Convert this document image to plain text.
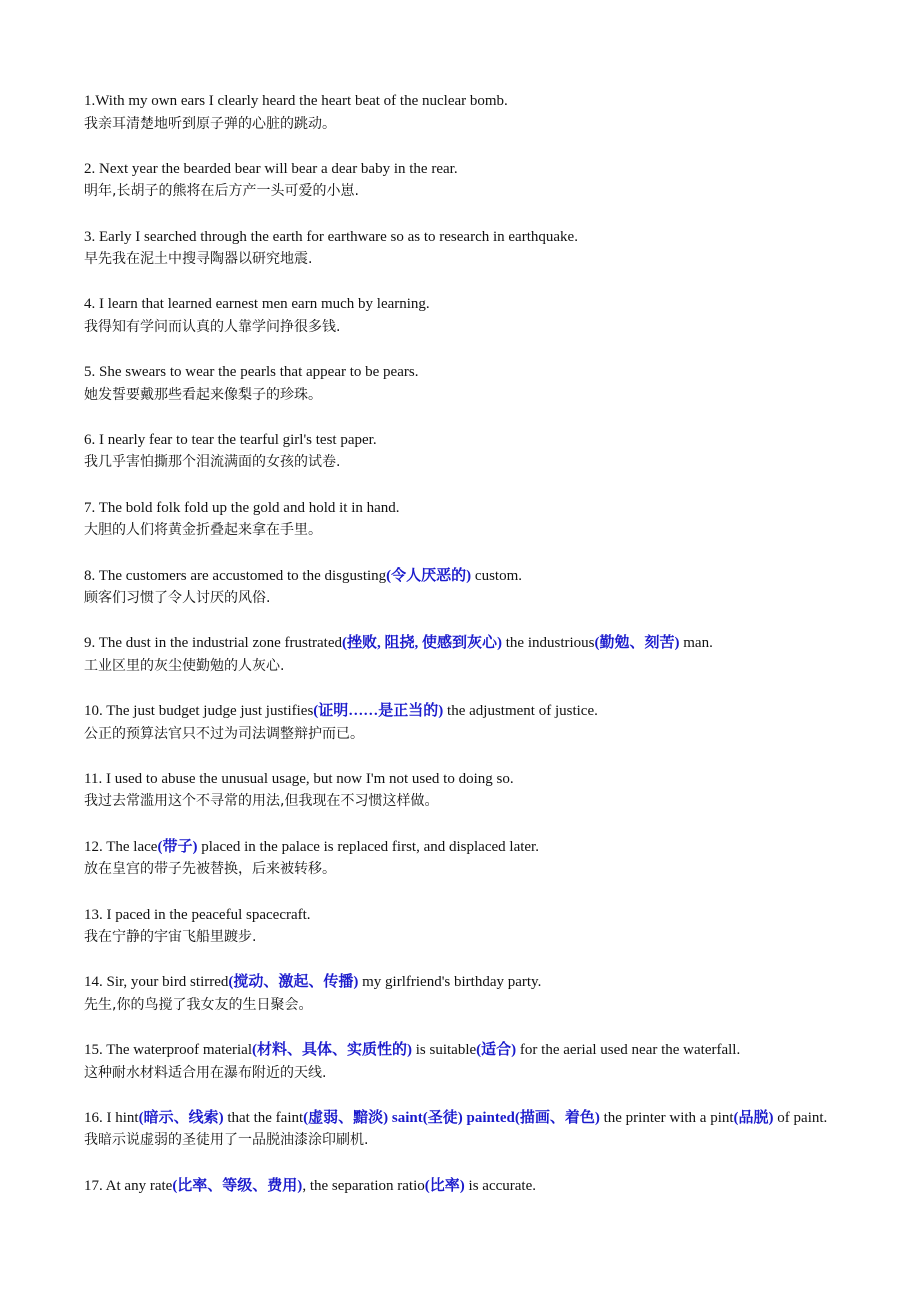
1.With my own ears I clearly heard the heart beat of the nuclear bomb.
我亲耳清楚地听到原子弹的心脏的跳动。
2. Next year the bearded bear will bear a dear baby in the rear.
明年,长胡子的熊将在后方产一头可爱的小崽.
3. Early I searched through the earth for earthware so as to research in earthquake.
早先我在泥土中搜寻陶器以研究地震.
4. I learn that learned earnest men earn much by learning.
我得知有学问而认真的人靠学问挣很多钱.
5. She swears to wear the pearls that appear to be pears.
她发誓要戴那些看起来像梨子的珍珠。
6. I nearly fear to tear the tearful girl's test paper.
我几乎害怕撕那个泪流满面的女孩的试卷.
7. The bold folk fold up the gold and hold it in hand.
大胆的人们将黄金折叠起来拿在手里。
8. The customers are accustomed to the disgusting(令人厌恶的) custom.
顾客们习惯了令人讨厌的风俗.
9. The dust in the industrial zone frustrated(挫败, 阻挠, 使感到灰心) the industrious(勤勉、刻苦) man.
工业区里的灰尘使勤勉的人灰心.
10. The just budget judge just justifies(证明……是正当的) the adjustment of justice.
公正的预算法官只不过为司法调整辩护而已。
11. I used to abuse the unusual usage, but now I'm not used to doing so.
我过去常滥用这个不寻常的用法,但我现在不习惯这样做。
12. The lace(带子) placed in the palace is replaced first, and displaced later.
放在皇宫的带子先被替换，后来被转移。
13. I paced in the peaceful spacecraft.
我在宁静的宇宙飞船里踱步.
14. Sir, your bird stirred(搅动、激起、传播) my girlfriend's birthday party.
先生,你的鸟搅了我女友的生日聚会。
15. The waterproof material(材料、具体、实质性的) is suitable(适合) for the aerial used near the waterfall.
这种耐水材料适合用在瀑布附近的天线.
16. I hint(暗示、线索) that the faint(虚弱、黯淡) saint(圣徒) painted(描画、着色) the printer with a pint(品脱) of paint.
我暗示说虚弱的圣徒用了一品脱油漆涂印刷机.
17. At any rate(比率、等级、费用), the separation ratio(比率) is accurate.
